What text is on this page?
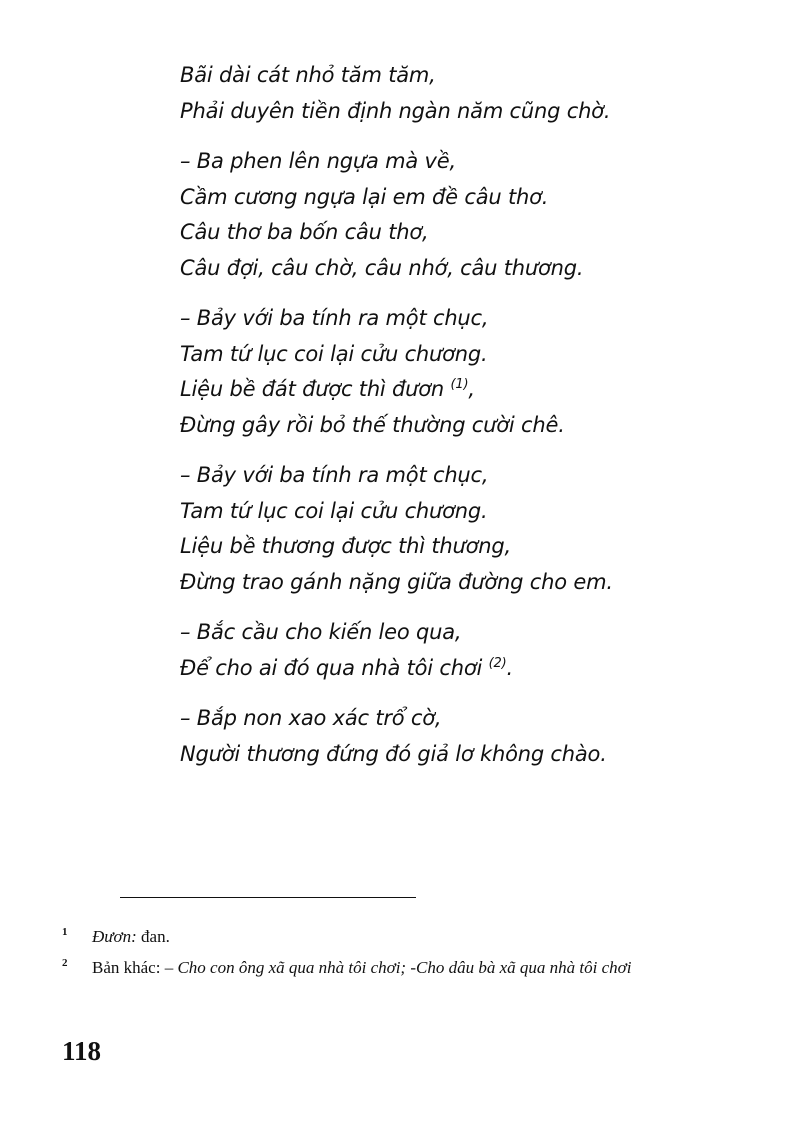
Bãi dài cát nhỏ tăm tăm,
Phải duyên tiền định ngàn năm cũng chờ.
– Ba phen lên ngựa mà về,
Cầm cương ngựa lại em đề câu thơ.
Câu thơ ba bốn câu thơ,
Câu đợi, câu chờ, câu nhớ, câu thương.
– Bảy với ba tính ra một chục,
Tam tứ lục coi lại cửu chương.
Liệu bề đát được thì đươn $^{(1)}$,
Đừng gây rồi bỏ thế thường cười chê.
– Bảy với ba tính ra một chục,
Tam tứ lục coi lại cửu chương.
Liệu bề thương được thì thương,
Đừng trao gánh nặng giữa đường cho em.
– Bắc cầu cho kiến leo qua,
Để cho ai đó qua nhà tôi chơi $^{(2)}$.
– Bắp non xao xác trổ cờ,
Người thương đứng đó giả lơ không chào.
1 Đươn: đan.
2 Bản khác: – Cho con ông xã qua nhà tôi chơi; -Cho dâu bà xã qua nhà tôi chơi
118
